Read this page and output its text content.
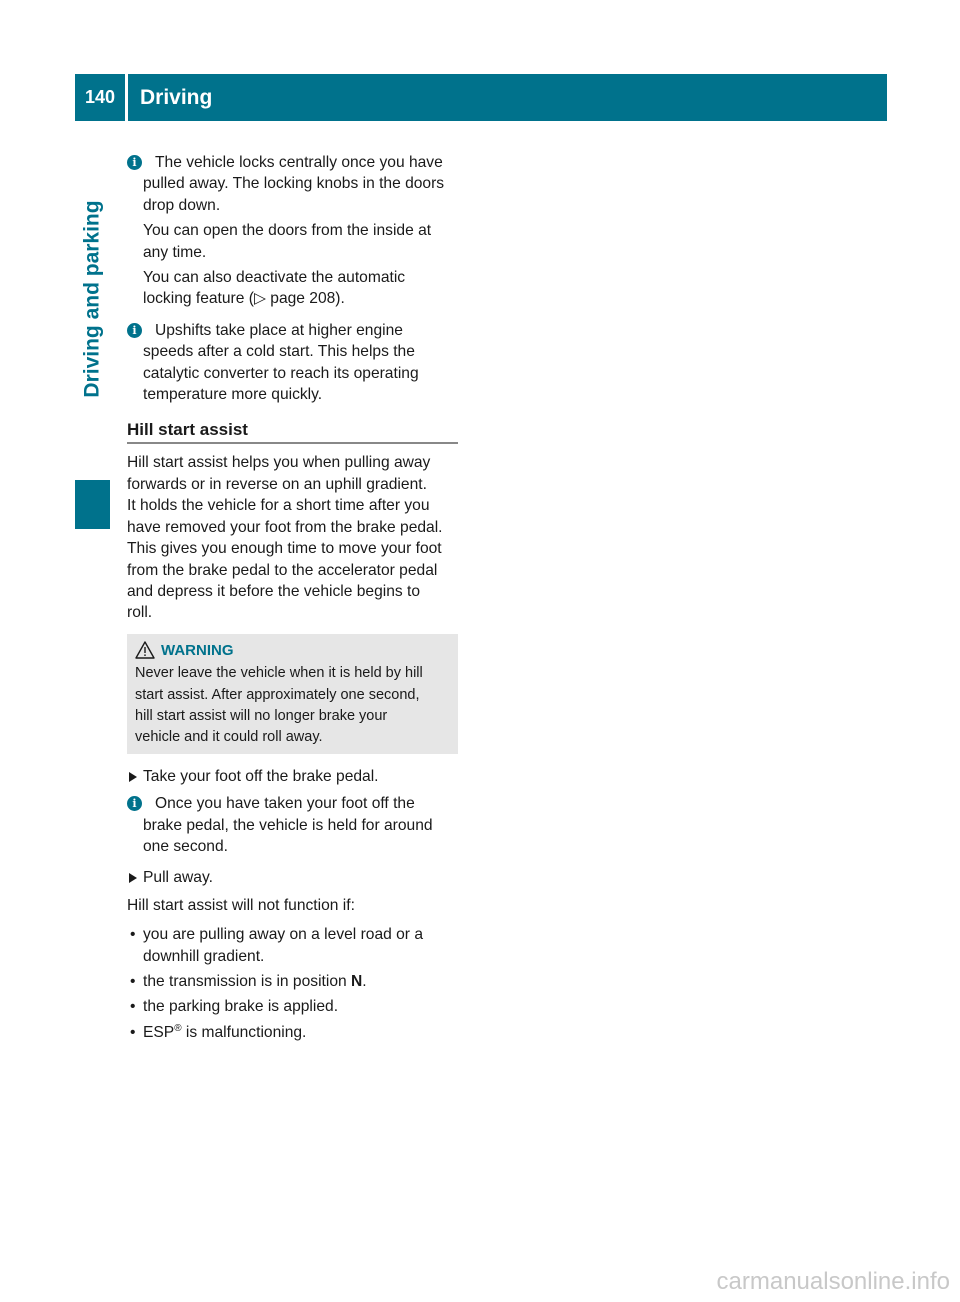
140	Driving
Driving and parking
i	The vehicle locks centrally once you have

pulled away. The locking knobs in the doors

drop down.

You can open the doors from the inside at

any time.

You can also deactivate the automatic

locking feature (▷ page 208).

i	Upshifts take place at higher engine

speeds after a cold start. This helps the

catalytic converter to reach its operating

temperature more quickly.

Hill start assist

Hill start assist helps you when pulling away

forwards or in reverse on an uphill gradient.

It holds the vehicle for a short time after you

have removed your foot from the brake pedal.

This gives you enough time to move your foot

from the brake pedal to the accelerator pedal

and depress it before the vehicle begins to

roll.

WARNING

Never leave the vehicle when it is held by hill

start assist. After approximately one second,

hill start assist will no longer brake your

vehicle and it could roll away.

Take your foot off the brake pedal.

i	Once you have taken your foot off the

brake pedal, the vehicle is held for around

one second.

Pull away.

Hill start assist will not function if:

• you are pulling away on a level road or a

downhill gradient.

• the transmission is in position N.

• the parking brake is applied.

• ESP® is malfunctioning.

carmanualsonline.info
